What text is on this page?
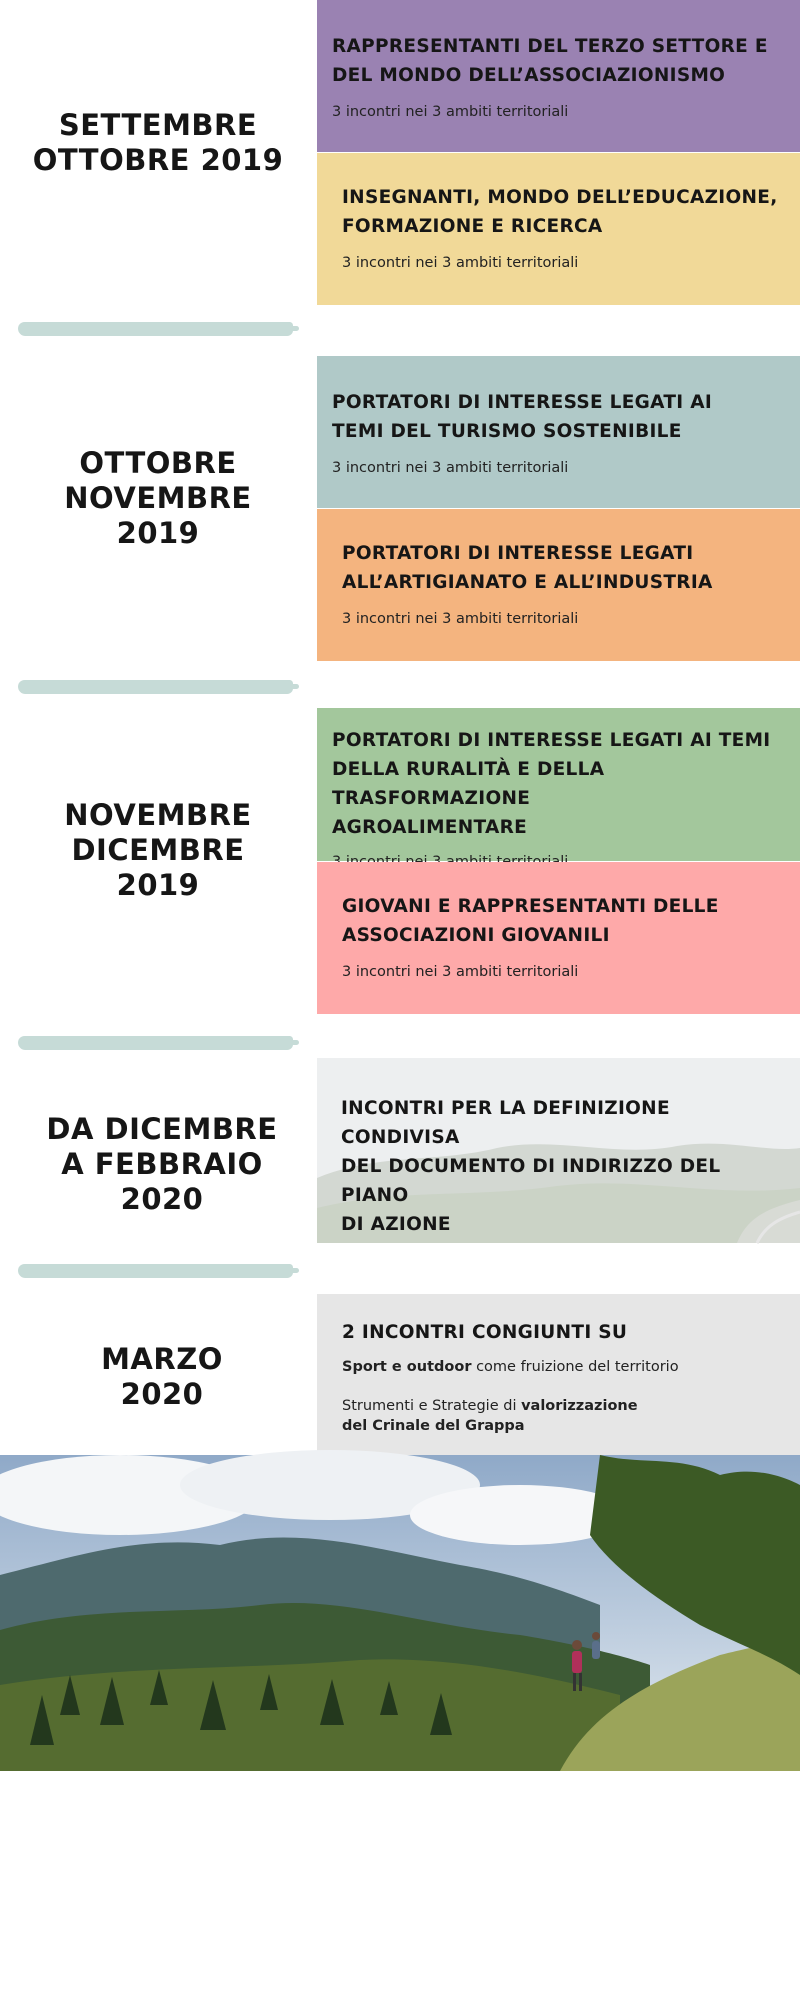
SETTEMBRE
OTTOBRE 2019
OTTOBRE
NOVEMBRE
2019
NOVEMBRE
DICEMBRE
2019
DA DICEMBRE
A FEBBRAIO
2020
MARZO
2020

RAPPRESENTANTI DEL TERZO SETTORE E
DEL MONDO DELL’ASSOCIAZIONISMO

3 incontri nei 3 ambiti territoriali

INSEGNANTI, MONDO DELL’EDUCAZIONE,
FORMAZIONE E RICERCA

3 incontri nei 3 ambiti territoriali

PORTATORI DI INTERESSE LEGATI AI
TEMI DEL TURISMO SOSTENIBILE

3 incontri nei 3 ambiti territoriali

PORTATORI DI INTERESSE LEGATI
ALL’ARTIGIANATO E ALL’INDUSTRIA

3 incontri nei 3 ambiti territoriali

PORTATORI DI INTERESSE LEGATI AI TEMI
DELLA RURALITÀ E DELLA TRASFORMAZIONE
AGROALIMENTARE

GIOVANI E RAPPRESENTANTI DELLE
ASSOCIAZIONI GIOVANILI

3 incontri nei 3 ambiti territoriali

INCONTRI PER LA DEFINIZIONE CONDIVISA
DEL DOCUMENTO DI INDIRIZZO DEL PIANO
DI AZIONE

2 INCONTRI CONGIUNTI SU

Sport e outdoor come fruizione del territorio

Strumenti e Strategie di valorizzazione
del Crinale del Grappa
